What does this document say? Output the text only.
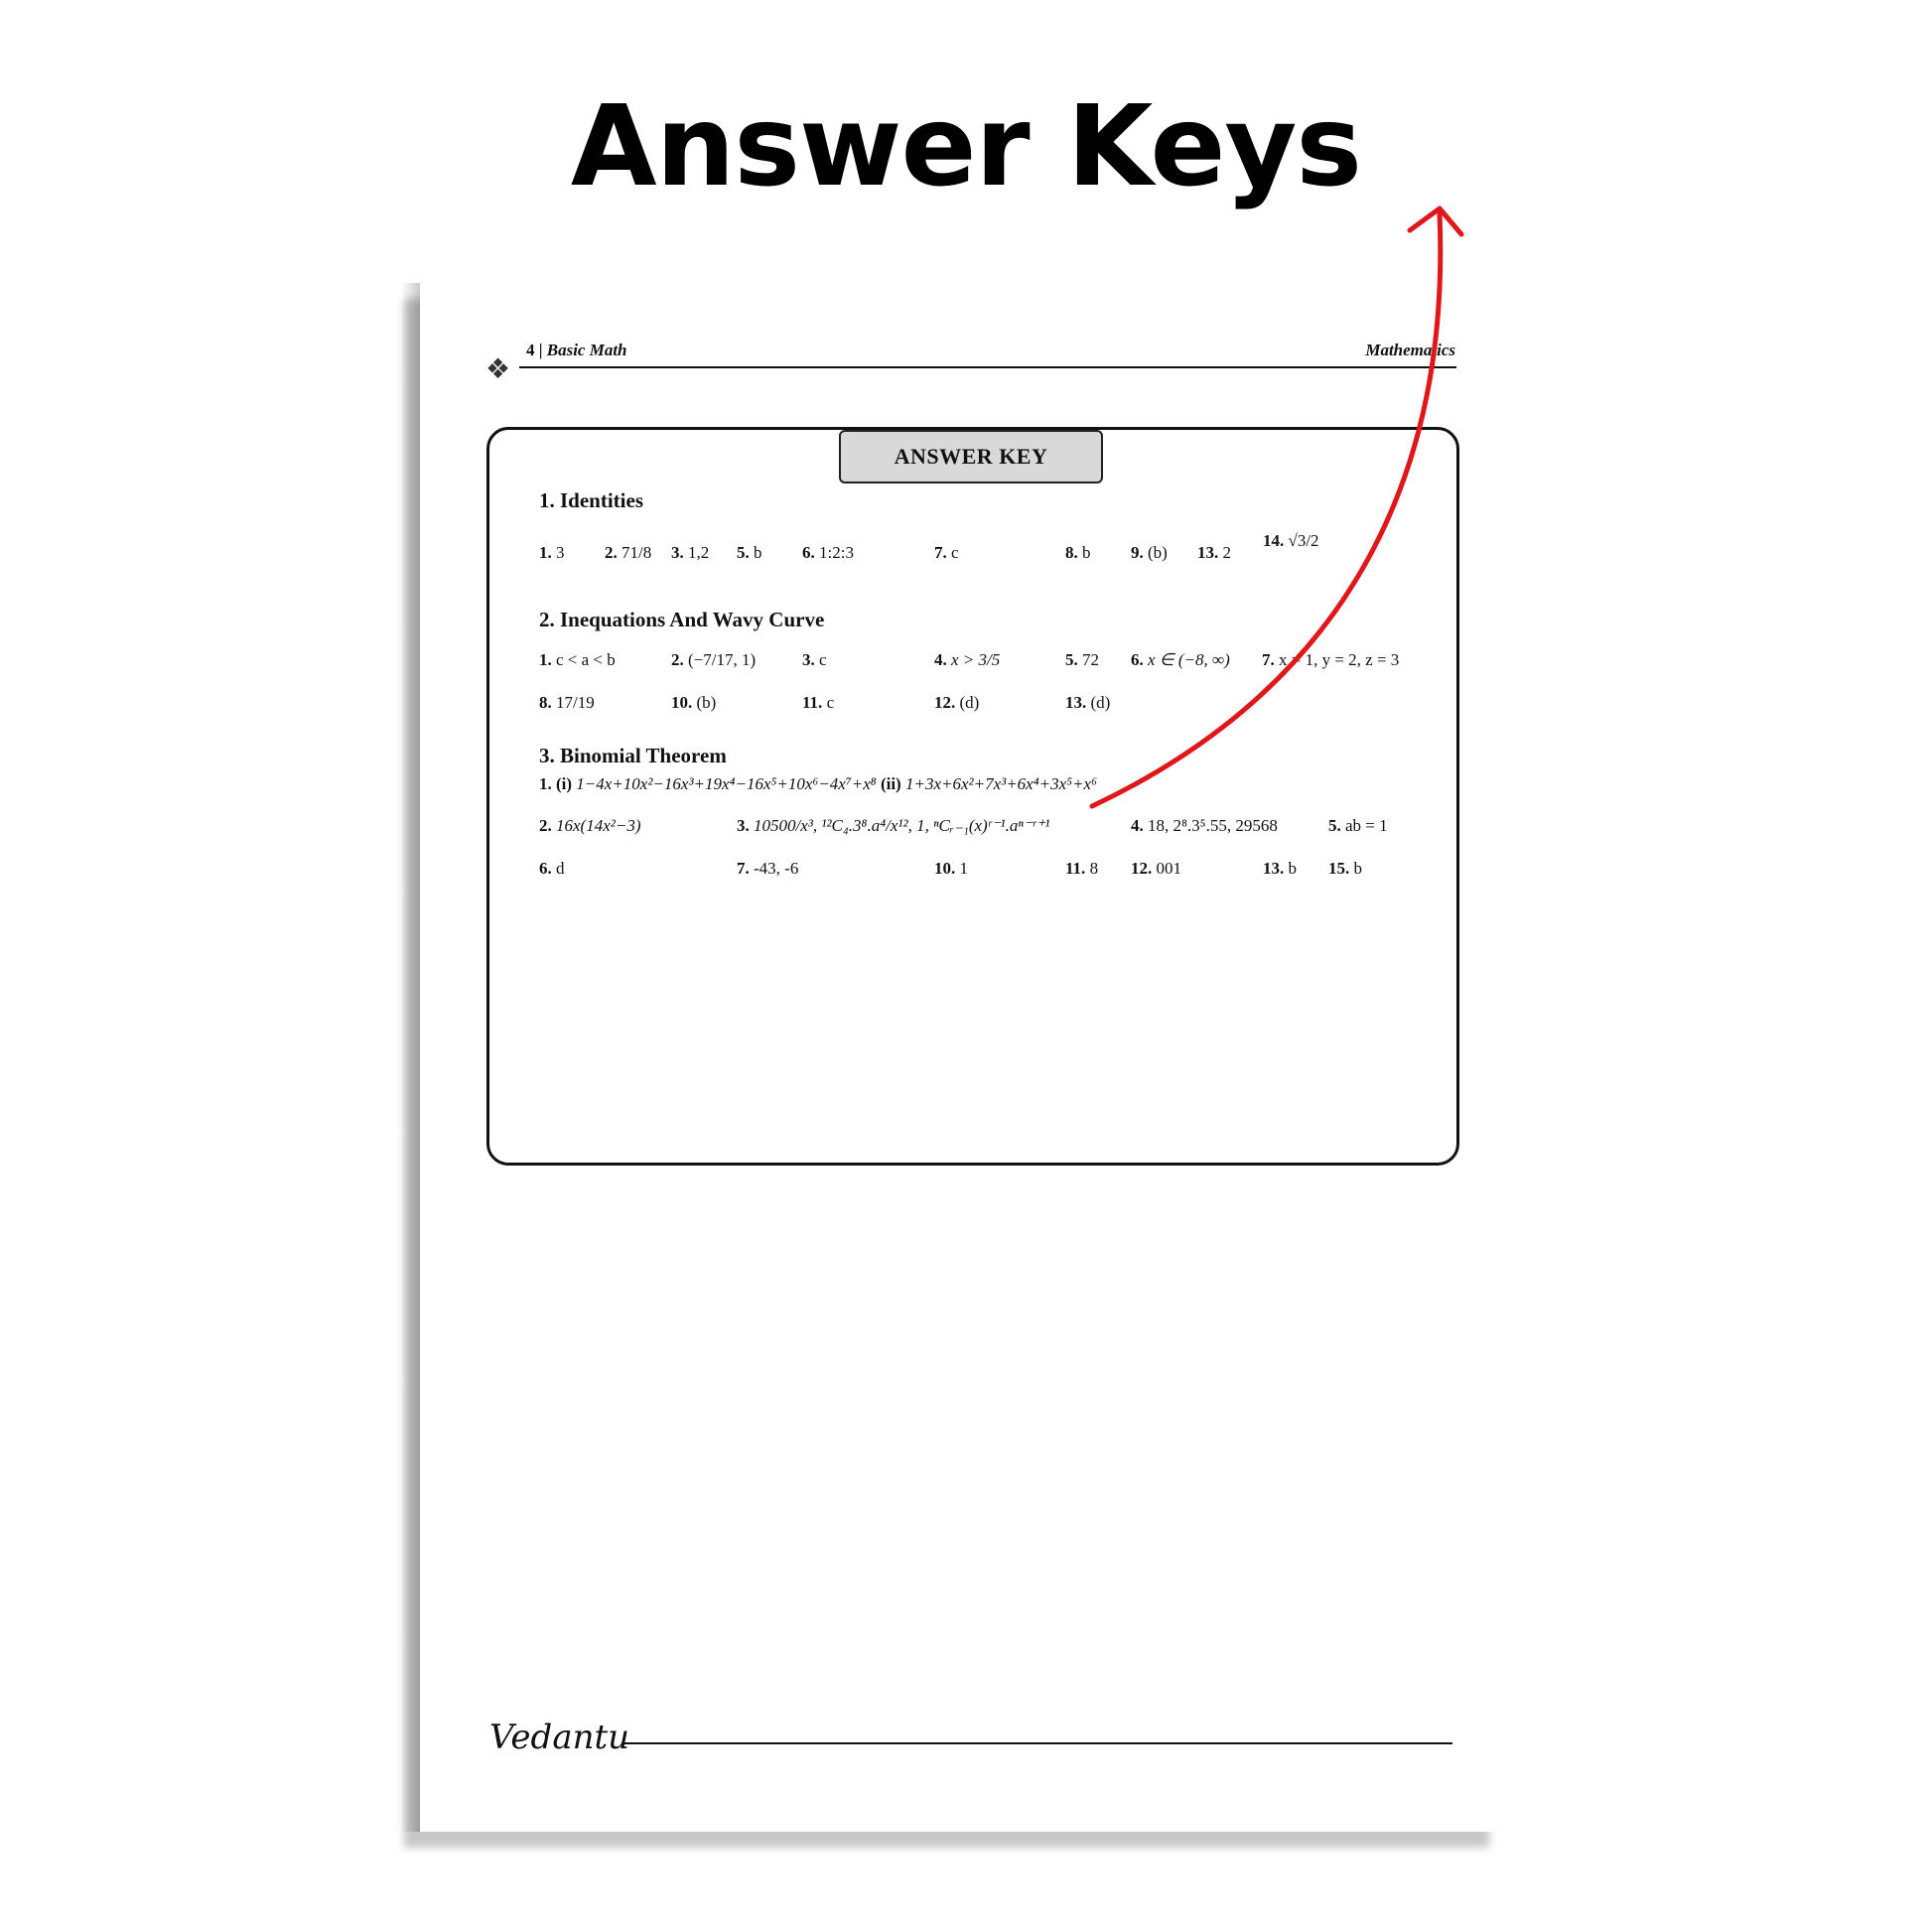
Answer Keys
❖
4 | Basic Math	Mathematics
ANSWER KEY
1. Identities
1. 3 2. 71/8 3. 1,2 5. b 6. 1:2:3	7. c	8. b 9. (b) 13. 2
14. √3/2
2. Inequations And Wavy Curve
1. c < a < b	2. (−7/17, 1)	3. c	4. x > 3/5	5. 72 6. x ∈ (−8, ∞) 7. x = 1, y = 2, z = 3
8. 17/19	10. (b)	11. c	12. (d)	13. (d)
3. Binomial Theorem
1. (i) 1−4x+10x²−16x³+19x⁴−16x⁵+10x⁶−4x⁷+x⁸ (ii) 1+3x+6x²+7x³+6x⁴+3x⁵+x⁶
2. 16x(14x²−3)	3. 10500/x³, ¹²C₄.3⁸.a⁴/x¹², 1, ⁿCᵣ₋₁(x)ʳ⁻¹.aⁿ⁻ʳ⁺¹	4. 18, 2⁸.3⁵.55, 29568	5. ab = 1
6. d	7. -43, -6	10. 1	11. 8 12. 001	13. b 15. b
Vedantu
